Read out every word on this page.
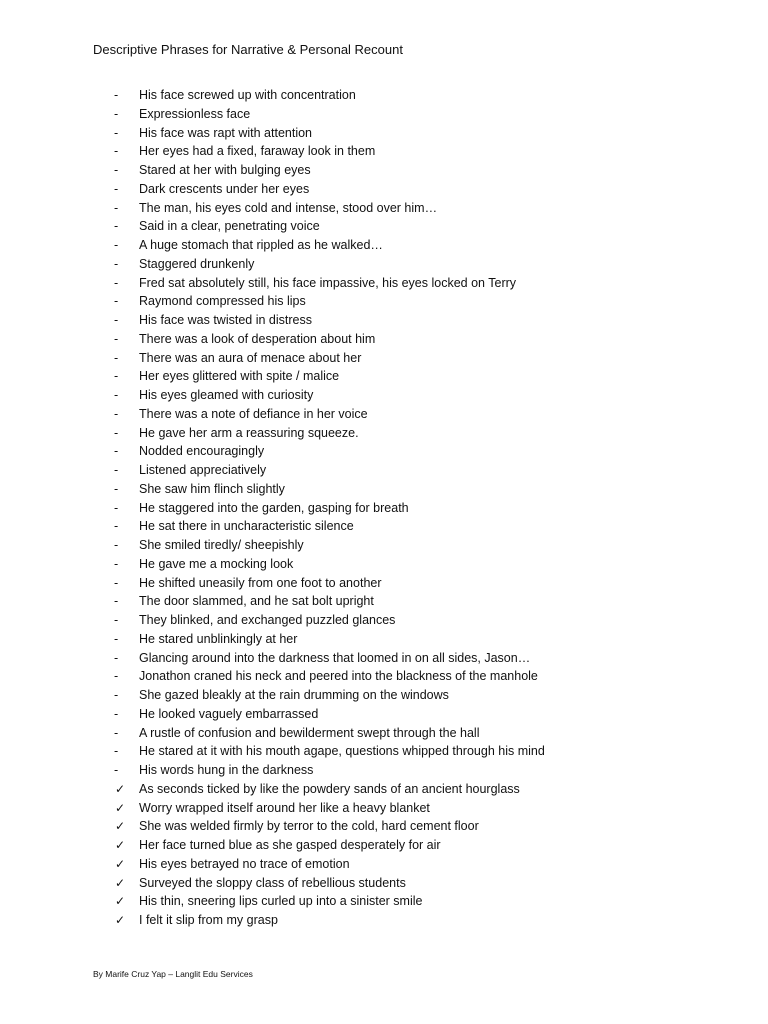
Descriptive Phrases for Narrative & Personal Recount
-	His face screwed up with concentration
-	Expressionless face
-	His face was rapt with attention
-	Her eyes had a fixed, faraway look in them
-	Stared at her with bulging eyes
-	Dark crescents under her eyes
-	The man, his eyes cold and intense, stood over him…
-	Said in a clear, penetrating voice
-	A huge stomach that rippled as he walked…
-	Staggered drunkenly
-	Fred sat absolutely still, his face impassive, his eyes locked on Terry
-	Raymond compressed his lips
-	His face was twisted in distress
-	There was a look of desperation about him
-	There was an aura of menace about her
-	Her eyes glittered with spite / malice
-	His eyes gleamed with curiosity
-	There was a note of defiance in her voice
-	He gave her arm a reassuring squeeze.
-	Nodded encouragingly
-	Listened appreciatively
-	She saw him flinch slightly
-	He staggered into the garden, gasping for breath
-	He sat there in uncharacteristic silence
-	She smiled tiredly/ sheepishly
-	He gave me a mocking look
-	He shifted uneasily from one foot to another
-	The door slammed, and he sat bolt upright
-	They blinked, and exchanged puzzled glances
-	He stared unblinkingly at her
-	Glancing around into the darkness that loomed in on all sides, Jason…
-	Jonathon craned his neck and peered into the blackness of the manhole
-	She gazed bleakly at the rain drumming on the windows
-	He looked vaguely embarrassed
-	A rustle of confusion and bewilderment swept through the hall
-	He stared at it with his mouth agape, questions whipped through his mind
-	His words hung in the darkness
✓	As seconds ticked by like the powdery sands of an ancient hourglass
✓	Worry wrapped itself around her like a heavy blanket
✓	She was welded firmly by terror to the cold, hard cement floor
✓	Her face turned blue as she gasped desperately for air
✓	His eyes betrayed no trace of emotion
✓	Surveyed the sloppy class of rebellious students
✓	His thin, sneering lips curled up into a sinister smile
✓	I felt it slip from my grasp
By Marife Cruz Yap – Langlit Edu Services
